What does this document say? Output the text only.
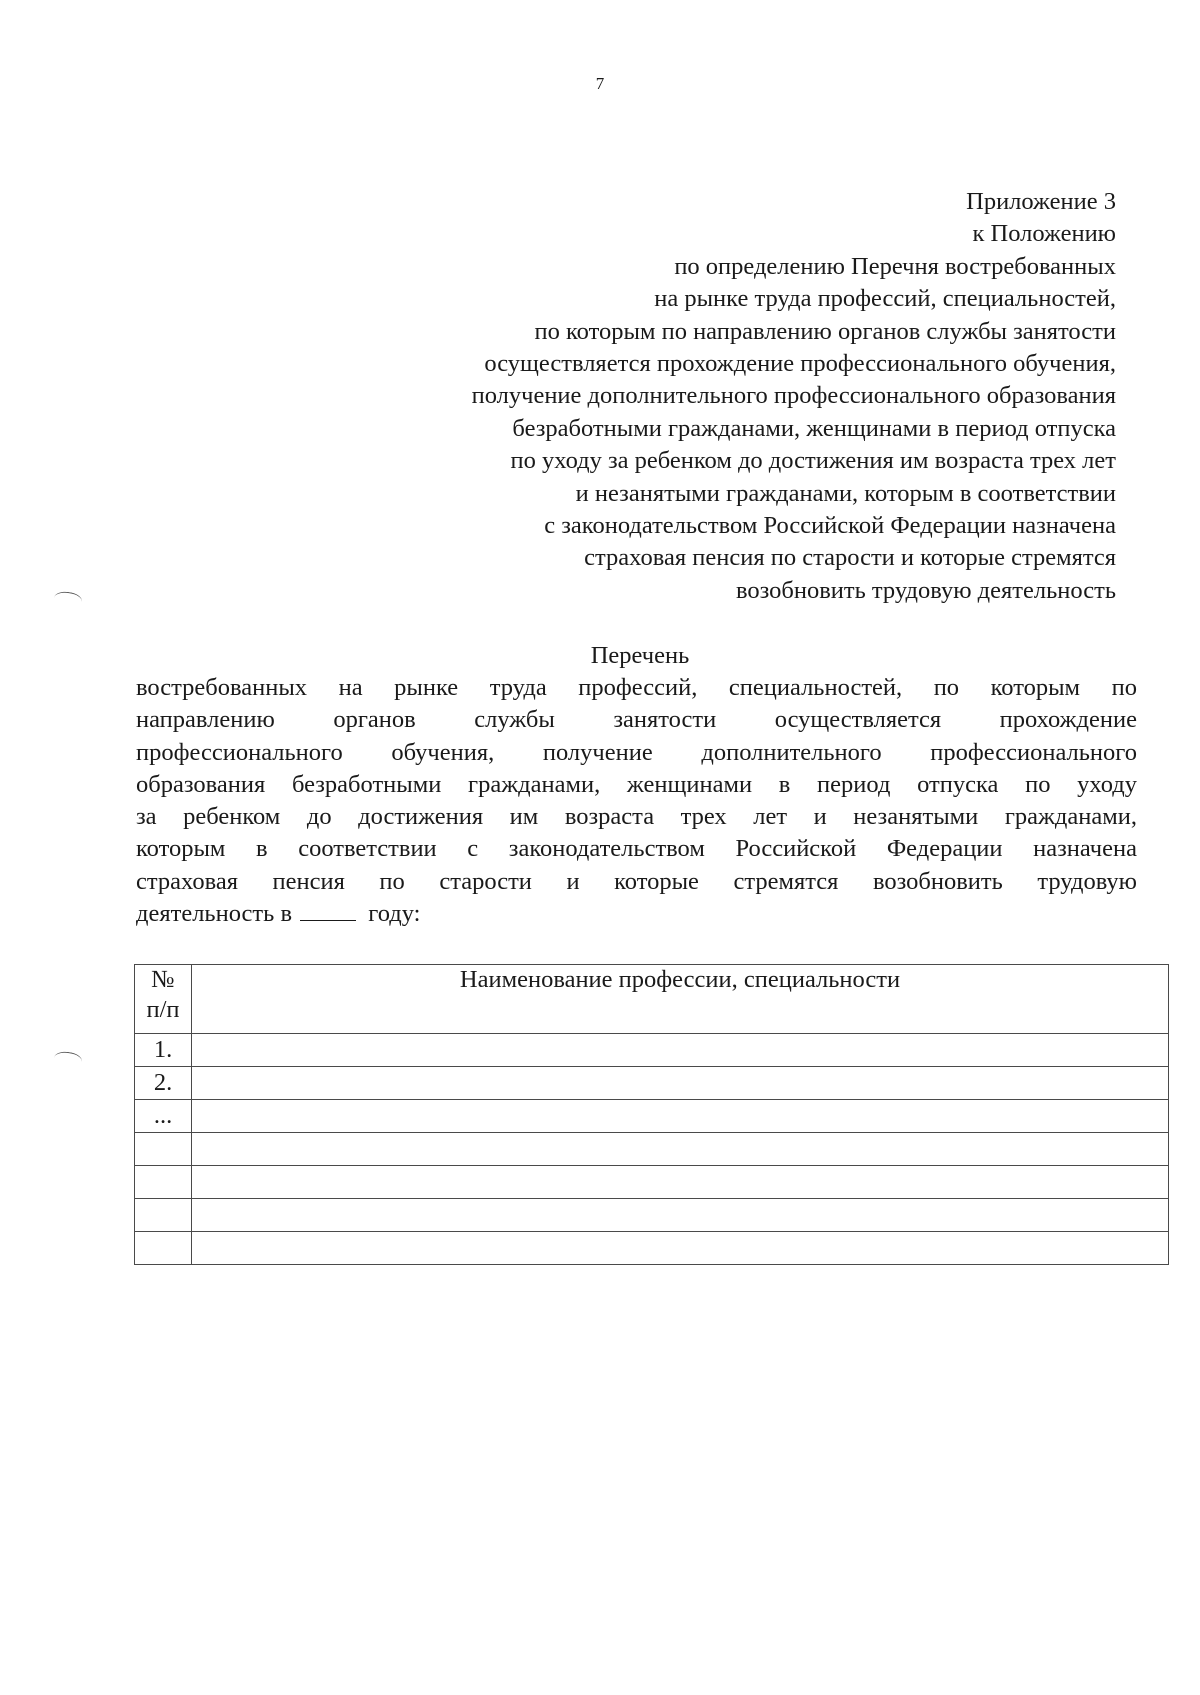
7
Приложение 3
к Положению
по определению Перечня востребованных
на рынке труда профессий, специальностей,
по которым по направлению органов службы занятости
осуществляется прохождение профессионального обучения,
получение дополнительного профессионального образования
безработными гражданами, женщинами в период отпуска
по уходу за ребенком до достижения им возраста трех лет
и незанятыми гражданами, которым в соответствии
с законодательством Российской Федерации назначена
страховая пенсия по старости и которые стремятся
возобновить трудовую деятельность
Перечень
востребованных на рынке труда профессий, специальностей, по которым по
направлению органов службы занятости осуществляется прохождение
профессионального обучения, получение дополнительного профессионального
образования безработными гражданами, женщинами в период отпуска по уходу
за ребенком до достижения им возраста трех лет и незанятыми гражданами,
которым в соответствии с законодательством Российской Федерации назначена
страховая пенсия по старости и которые стремятся возобновить трудовую
деятельность в	году:
№
п/п	Наименование профессии, специальности
1.	
2.	
...	
